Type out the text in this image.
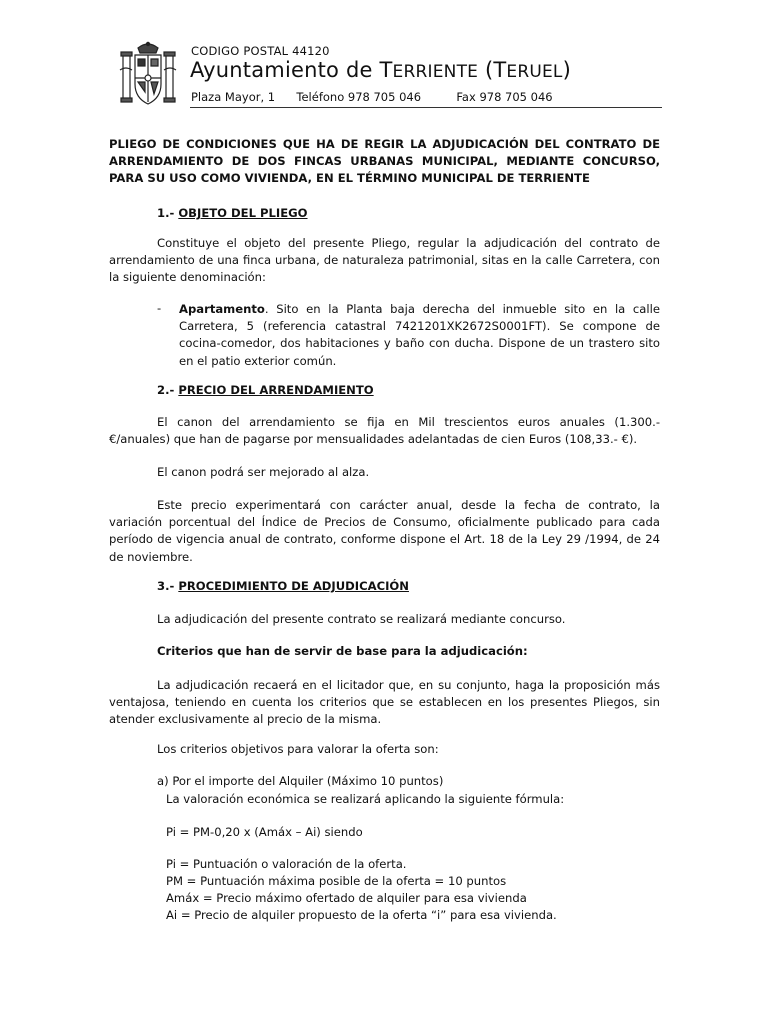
CODIGO POSTAL 44120
Ayuntamiento de TERRIENTE (TERUEL)
Plaza Mayor, 1 Teléfono 978 705 046	Fax 978 705 046
PLIEGO DE CONDICIONES QUE HA DE REGIR LA ADJUDICACIÓN DEL CONTRATO DE ARRENDAMIENTO DE DOS FINCAS URBANAS MUNICIPAL, MEDIANTE CONCURSO, PARA SU USO COMO VIVIENDA, EN EL TÉRMINO MUNICIPAL DE TERRIENTE
1.- OBJETO DEL PLIEGO
Constituye el objeto del presente Pliego, regular la adjudicación del contrato de arrendamiento de una finca urbana, de naturaleza patrimonial, sitas en la calle Carretera, con la siguiente denominación:
- Apartamento. Sito en la Planta baja derecha del inmueble sito en la calle Carretera, 5 (referencia catastral 7421201XK2672S0001FT). Se compone de cocina-comedor, dos habitaciones y baño con ducha. Dispone de un trastero sito en el patio exterior común.
2.- PRECIO DEL ARRENDAMIENTO
El canon del arrendamiento se fija en Mil trescientos euros anuales (1.300.- €/anuales) que han de pagarse por mensualidades adelantadas de cien Euros (108,33.- €).
El canon podrá ser mejorado al alza.
Este precio experimentará con carácter anual, desde la fecha de contrato, la variación porcentual del Índice de Precios de Consumo, oficialmente publicado para cada período de vigencia anual de contrato, conforme dispone el Art. 18 de la Ley 29 /1994, de 24 de noviembre.
3.- PROCEDIMIENTO DE ADJUDICACIÓN
La adjudicación del presente contrato se realizará mediante concurso.
Criterios que han de servir de base para la adjudicación:
La adjudicación recaerá en el licitador que, en su conjunto, haga la proposición más ventajosa, teniendo en cuenta los criterios que se establecen en los presentes Pliegos, sin atender exclusivamente al precio de la misma.
Los criterios objetivos para valorar la oferta son:
a) Por el importe del Alquiler (Máximo 10 puntos)
La valoración económica se realizará aplicando la siguiente fórmula:
Pi = PM-0,20 x (Amáx – Ai) siendo
Pi = Puntuación o valoración de la oferta.
PM = Puntuación máxima posible de la oferta = 10 puntos
Amáx = Precio máximo ofertado de alquiler para esa vivienda
Ai = Precio de alquiler propuesto de la oferta “i” para esa vivienda.
